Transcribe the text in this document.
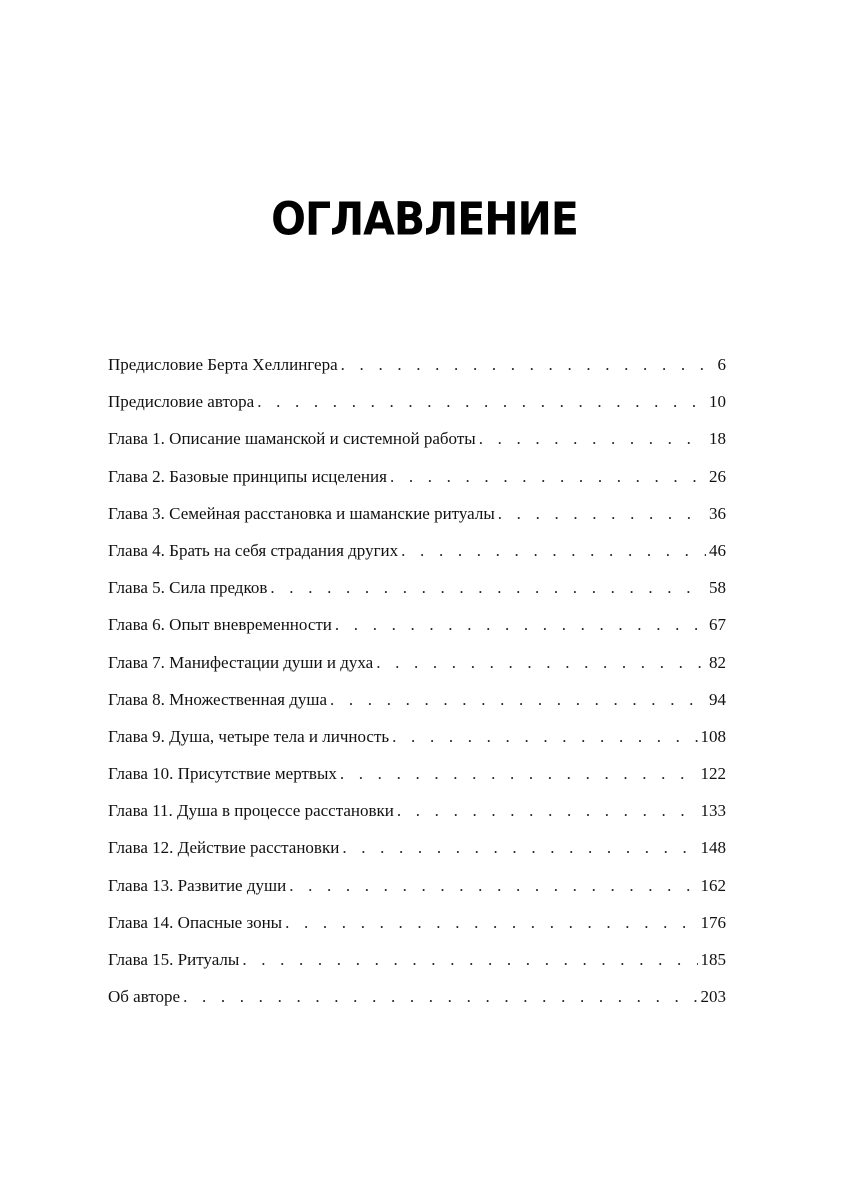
ОГЛАВЛЕНИЕ
Предисловие Берта Хеллингера . . .	6
Предисловие автора . . .	10
Глава 1. Описание шаманской и системной работы . . .	18
Глава 2. Базовые принципы исцеления . . .	26
Глава 3. Семейная расстановка и шаманские ритуалы . . .	36
Глава 4. Брать на себя страдания других . . .	46
Глава 5. Сила предков . . .	58
Глава 6. Опыт вневременности . . .	67
Глава 7. Манифестации души и духа . . .	82
Глава 8. Множественная душа . . .	94
Глава 9. Душа, четыре тела и личность . . .	108
Глава 10. Присутствие мертвых . . .	122
Глава 11. Душа в процессе расстановки . . .	133
Глава 12. Действие расстановки . . .	148
Глава 13. Развитие души . . .	162
Глава 14. Опасные зоны . . .	176
Глава 15. Ритуалы . . .	185
Об авторе . . .	203
